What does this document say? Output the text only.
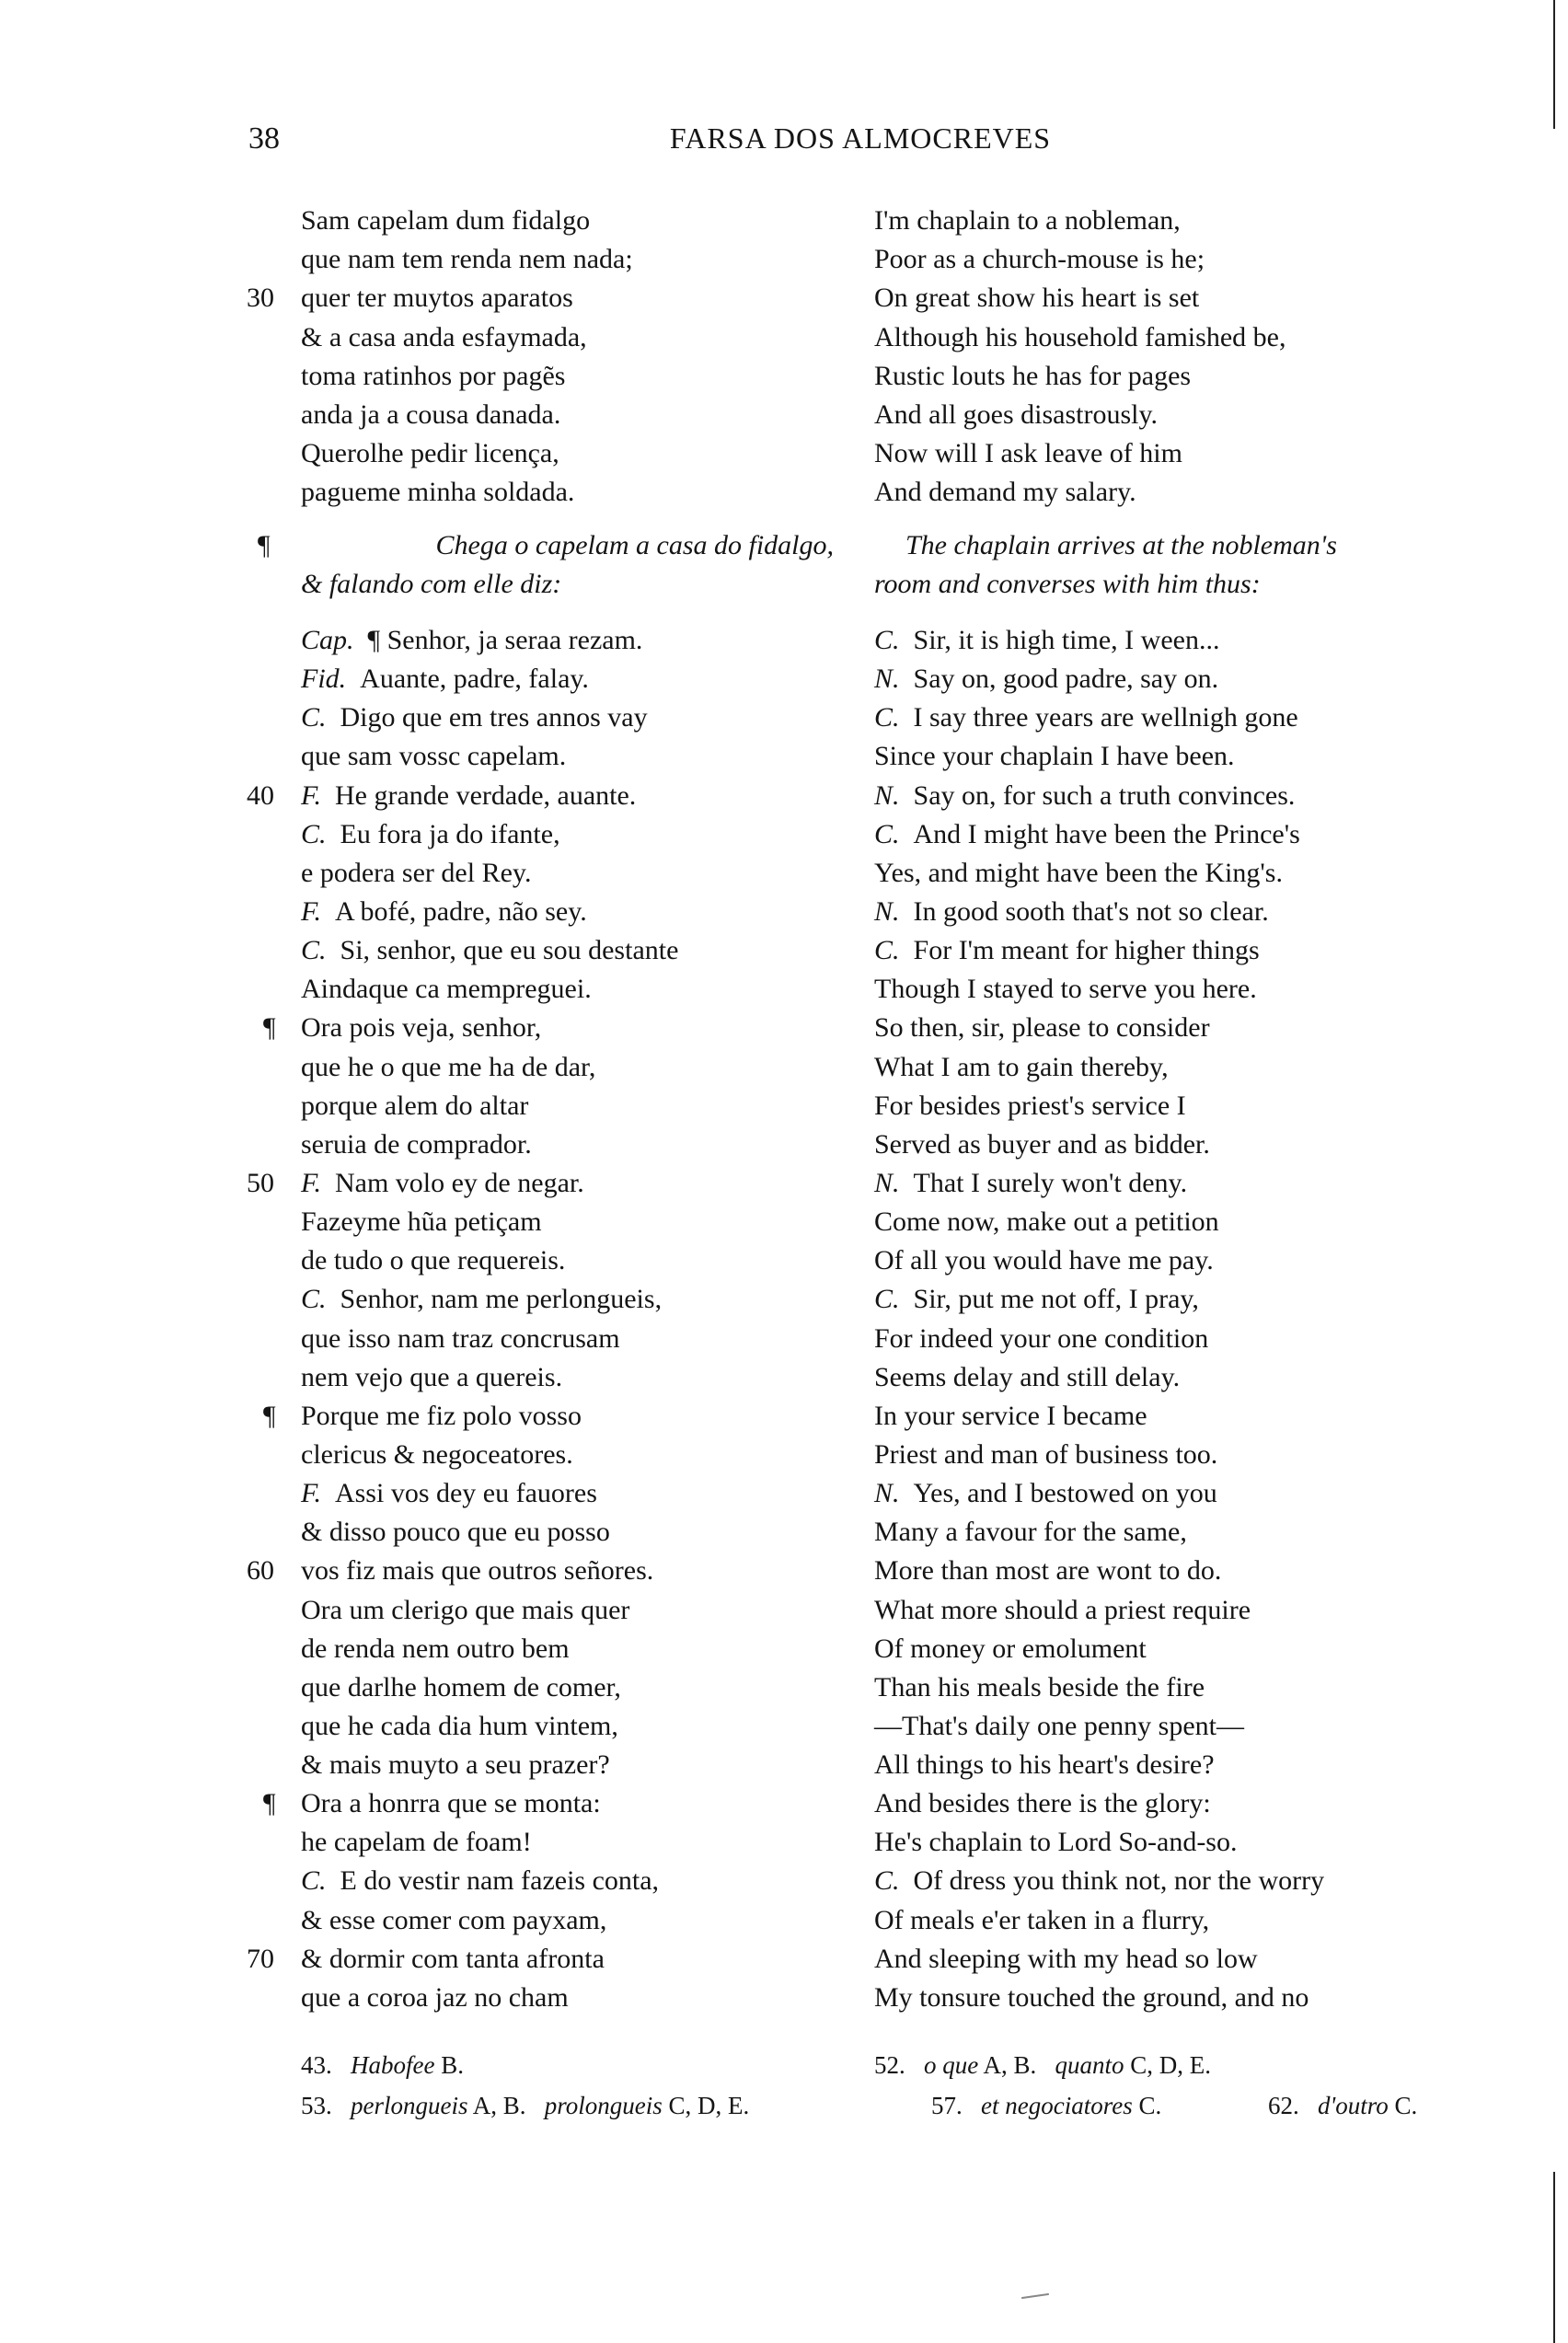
38	FARSA DOS ALMOCREVES
Sam capelam dum fidalgo
que nam tem renda nem nada;
quer ter muytos aparatos
& a casa anda esfaymada,
toma ratinhos por pagẽs
anda ja a cousa danada.
Querolhe pedir licença,
pagueme minha soldada.
Cap.  ¶ Senhor, ja seraa rezam.
Fid.  Auante, padre, falay.
C.  Digo que em tres annos vay
que sam vossc capelam.
F.  He grande verdade, auante.
C.  Eu fora ja do ifante,
e podera ser del Rey.
F.  A bofé, padre, não sey.
C.  Si, senhor, que eu sou destante
Aindaque ca mempreguei.
Ora pois veja, senhor,
que he o que me ha de dar,
porque alem do altar
seruia de comprador.
F.  Nam volo ey de negar.
Fazeyme hũa petiçam
de tudo o que requereis.
C.  Senhor, nam me perlongueis,
que isso nam traz concrusam
nem vejo que a quereis.
Porque me fiz polo vosso
clericus & negoceatores.
F.  Assi vos dey eu fauores
& disso pouco que eu posso
vos fiz mais que outros señores.
Ora um clerigo que mais quer
de renda nem outro bem
que darlhe homem de comer,
que he cada dia hum vintem,
& mais muyto a seu prazer?
Ora a honrra que se monta:
he capelam de foam!
C.  E do vestir nam fazeis conta,
& esse comer com payxam,
& dormir com tanta afronta
que a coroa jaz no cham
I'm chaplain to a nobleman,
Poor as a church-mouse is he;
On great show his heart is set
Although his household famished be,
Rustic louts he has for pages
And all goes disastrously.
Now will I ask leave of him
And demand my salary.
C.  Sir, it is high time, I ween...
N.  Say on, good padre, say on.
C.  I say three years are wellnigh gone
Since your chaplain I have been.
N.  Say on, for such a truth convinces.
C.  And I might have been the Prince's
Yes, and might have been the King's.
N.  In good sooth that's not so clear.
C.  For I'm meant for higher things
Though I stayed to serve you here.
So then, sir, please to consider
What I am to gain thereby,
For besides priest's service I
Served as buyer and as bidder.
N.  That I surely won't deny.
Come now, make out a petition
Of all you would have me pay.
C.  Sir, put me not off, I pray,
For indeed your one condition
Seems delay and still delay.
In your service I became
Priest and man of business too.
N.  Yes, and I bestowed on you
Many a favour for the same,
More than most are wont to do.
What more should a priest require
Of money or emolument
Than his meals beside the fire
—That's daily one penny spent—
All things to his heart's desire?
And besides there is the glory:
He's chaplain to Lord So-and-so.
C.  Of dress you think not, nor the worry
Of meals e'er taken in a flurry,
And sleeping with my head so low
My tonsure touched the ground, and no
30
40
50
60
70
¶
¶
¶
¶	Chega o capelam a casa do fidalgo,
& falando com elle diz:
The chaplain arrives at the nobleman's
room and converses with him thus:
43. Habofee B.	52. o que A, B. quanto C, D, E.
53. perlongueis A, B. prolongueis C, D, E.	57. et negociatores C.	62. d'outro C.
